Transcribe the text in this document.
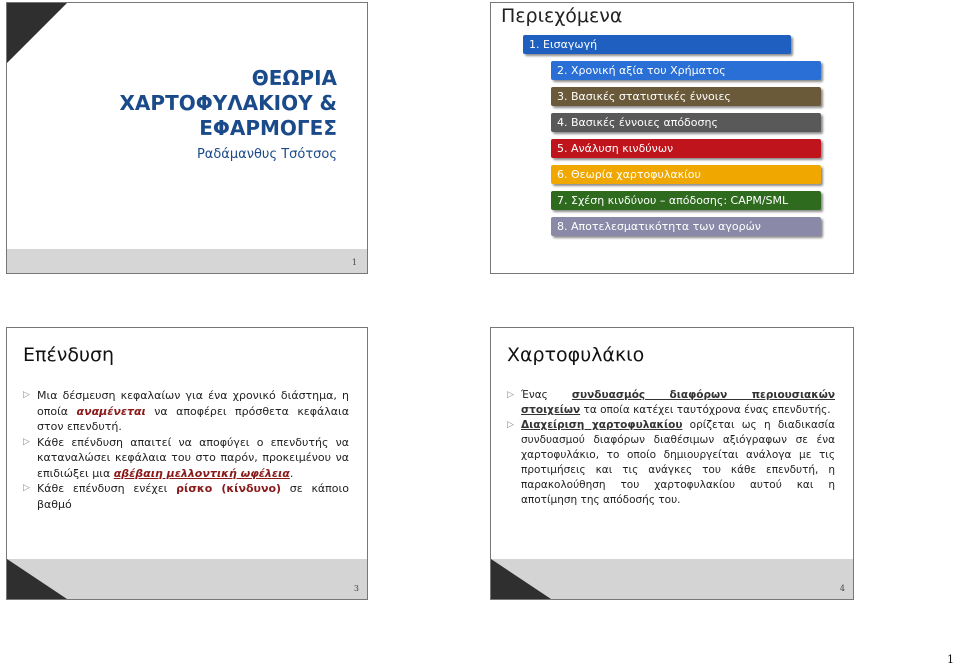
ΘΕΩΡΙΑ
ΧΑΡΤΟΦΥΛΑΚΙΟΥ &
ΕΦΑΡΜΟΓΕΣ
Ραδάμανθυς Τσότσος
1
Περιεχόμενα
1. Εισαγωγή
2. Χρονική αξία του Χρήματος
3. Βασικές στατιστικές έννοιες
4. Βασικές έννοιες απόδοσης
5. Ανάλυση κινδύνων
6. Θεωρία χαρτοφυλακίου
7. Σχέση κινδύνου – απόδοσης: CAPM/SML
8. Αποτελεσματικότητα των αγορών
Επένδυση
▷ Μια δέσμευση κεφαλαίων για ένα χρονικό διάστημα, η οποία αναμένεται να αποφέρει πρόσθετα κεφάλαια στον επενδυτή.
▷ Κάθε επένδυση απαιτεί να αποφύγει ο επενδυτής να καταναλώσει κεφάλαια του στο παρόν, προκειμένου να επιδιώξει μια αβέβαιη μελλοντική ωφέλεια.
▷ Κάθε επένδυση ενέχει ρίσκο (κίνδυνο) σε κάποιο βαθμό
3
Χαρτοφυλάκιο
▷ Ένας συνδυασμός διαφόρων περιουσιακών στοιχείων τα οποία κατέχει ταυτόχρονα ένας επενδυτής.
▷ Διαχείριση χαρτοφυλακίου ορίζεται ως η διαδικασία συνδυασμού διαφόρων διαθέσιμων αξιόγραφων σε ένα χαρτοφυλάκιο, το οποίο δημιουργείται ανάλογα με τις προτιμήσεις και τις ανάγκες του κάθε επενδυτή, η παρακολούθηση του χαρτοφυλακίου αυτού και η αποτίμηση της απόδοσής του.
4
1
